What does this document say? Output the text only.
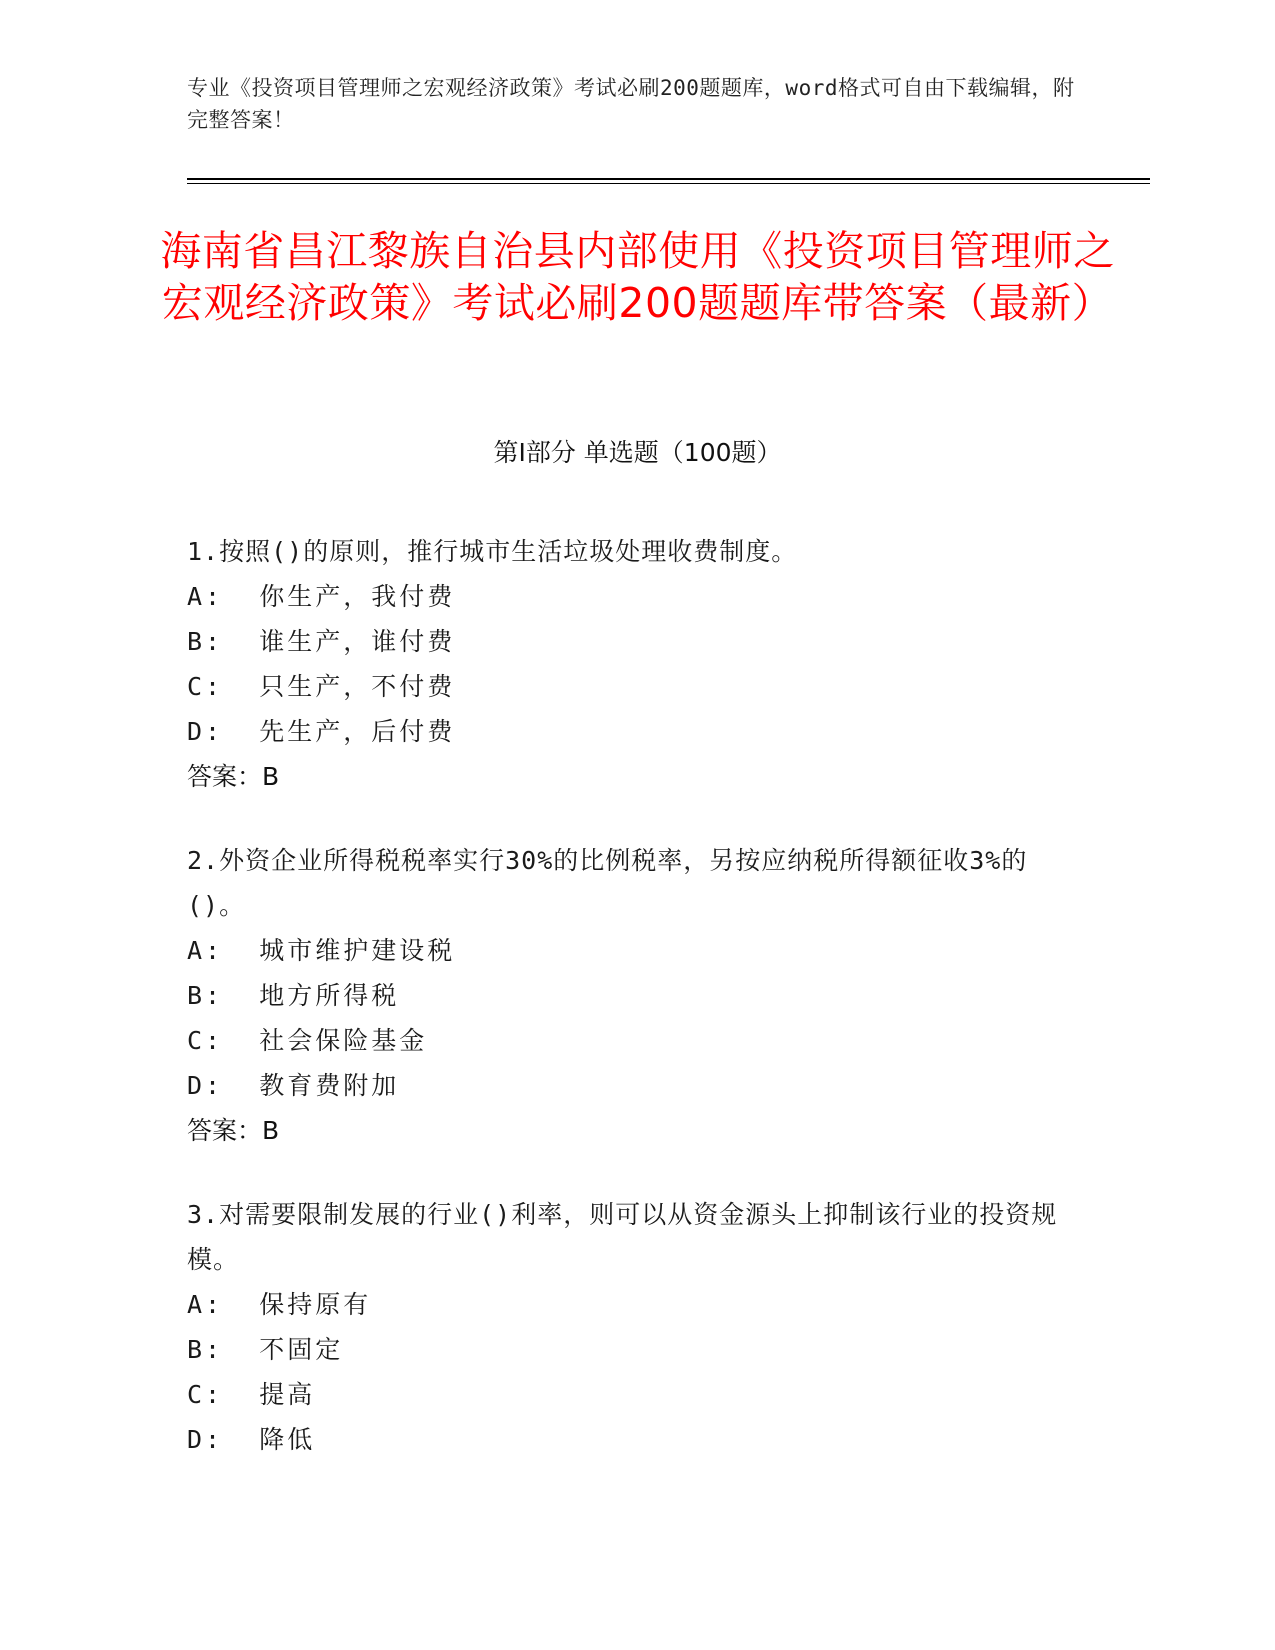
专业《投资项目管理师之宏观经济政策》考试必刷200题题库，word格式可自由下载编辑，附完整答案！
海南省昌江黎族自治县内部使用《投资项目管理师之宏观经济政策》考试必刷200题题库带答案（最新）
第Ⅰ部分 单选题（100题）

1.按照()的原则，推行城市生活垃圾处理收费制度。

A:  你生产，我付费

B:  谁生产，谁付费

C:  只生产，不付费

D:  先生产，后付费

答案：B

2.外资企业所得税税率实行30%的比例税率，另按应纳税所得额征收3%的()。

A:  城市维护建设税

B:  地方所得税

C:  社会保险基金

D:  教育费附加

答案：B

3.对需要限制发展的行业()利率，则可以从资金源头上抑制该行业的投资规模。

A:  保持原有

B:  不固定

C:  提高

D:  降低
